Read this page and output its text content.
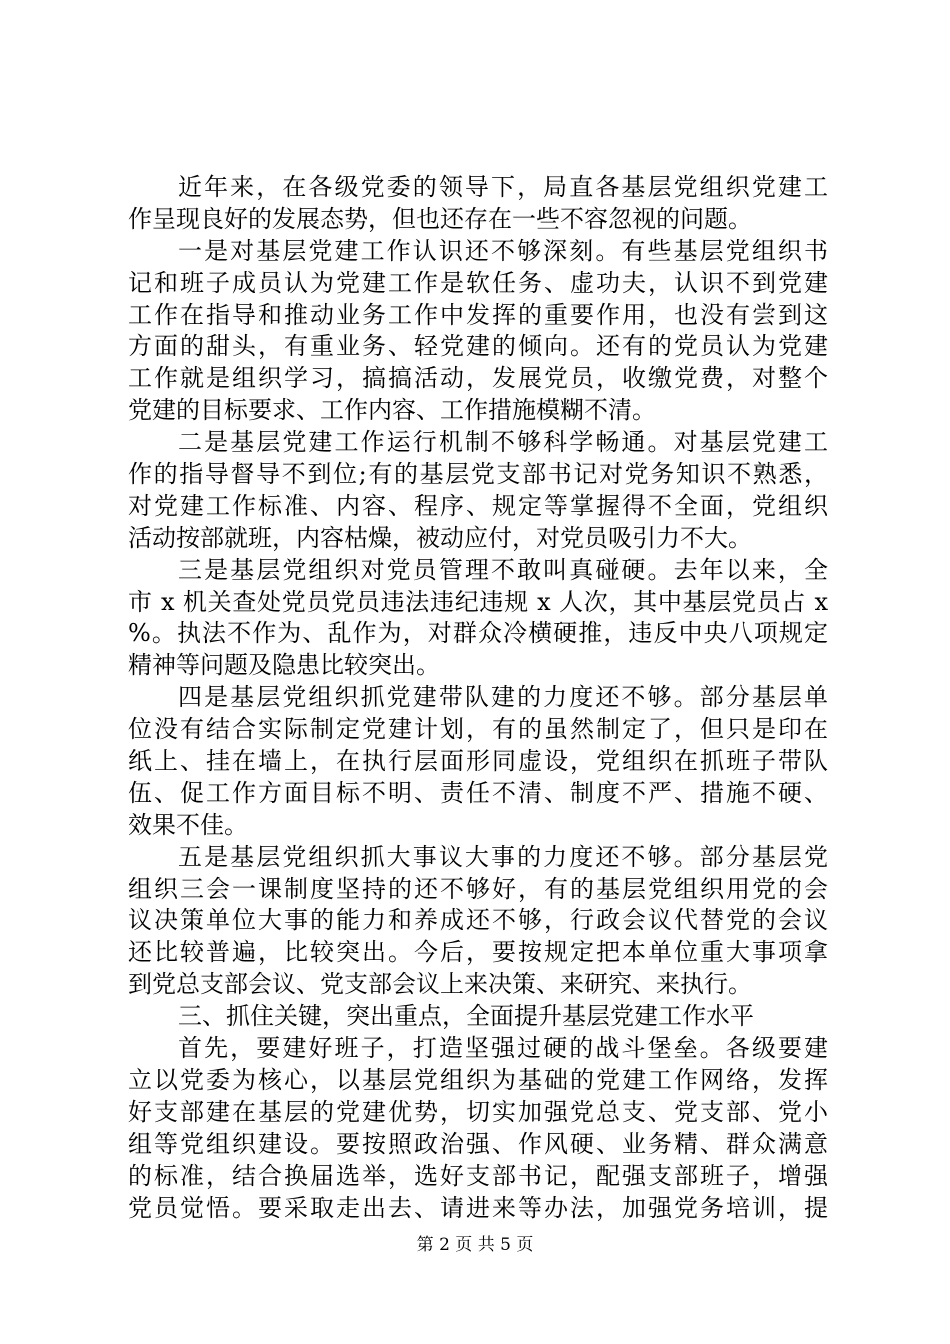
近年来，在各级党委的领导下，局直各基层党组织党建工
作呈现良好的发展态势，但也还存在一些不容忽视的问题。
一是对基层党建工作认识还不够深刻。有些基层党组织书
记和班子成员认为党建工作是软任务、虚功夫，认识不到党建
工作在指导和推动业务工作中发挥的重要作用，也没有尝到这
方面的甜头，有重业务、轻党建的倾向。还有的党员认为党建
工作就是组织学习，搞搞活动，发展党员，收缴党费，对整个
党建的目标要求、工作内容、工作措施模糊不清。
二是基层党建工作运行机制不够科学畅通。对基层党建工
作的指导督导不到位;有的基层党支部书记对党务知识不熟悉，
对党建工作标准、内容、程序、规定等掌握得不全面，党组织
活动按部就班，内容枯燥，被动应付，对党员吸引力不大。
三是基层党组织对党员管理不敢叫真碰硬。去年以来，全
市 x 机关查处党员党员违法违纪违规 x 人次，其中基层党员占 x
%。执法不作为、乱作为，对群众冷横硬推，违反中央八项规定
精神等问题及隐患比较突出。
四是基层党组织抓党建带队建的力度还不够。部分基层单
位没有结合实际制定党建计划，有的虽然制定了，但只是印在
纸上、挂在墙上，在执行层面形同虚设，党组织在抓班子带队
伍、促工作方面目标不明、责任不清、制度不严、措施不硬、
效果不佳。
五是基层党组织抓大事议大事的力度还不够。部分基层党
组织三会一课制度坚持的还不够好，有的基层党组织用党的会
议决策单位大事的能力和养成还不够，行政会议代替党的会议
还比较普遍，比较突出。今后，要按规定把本单位重大事项拿
到党总支部会议、党支部会议上来决策、来研究、来执行。
三、抓住关键，突出重点，全面提升基层党建工作水平
首先，要建好班子，打造坚强过硬的战斗堡垒。各级要建
立以党委为核心，以基层党组织为基础的党建工作网络，发挥
好支部建在基层的党建优势，切实加强党总支、党支部、党小
组等党组织建设。要按照政治强、作风硬、业务精、群众满意
的标准，结合换届选举，选好支部书记，配强支部班子，增强
党员觉悟。要采取走出去、请进来等办法，加强党务培训，提
第 2 页 共 5 页
